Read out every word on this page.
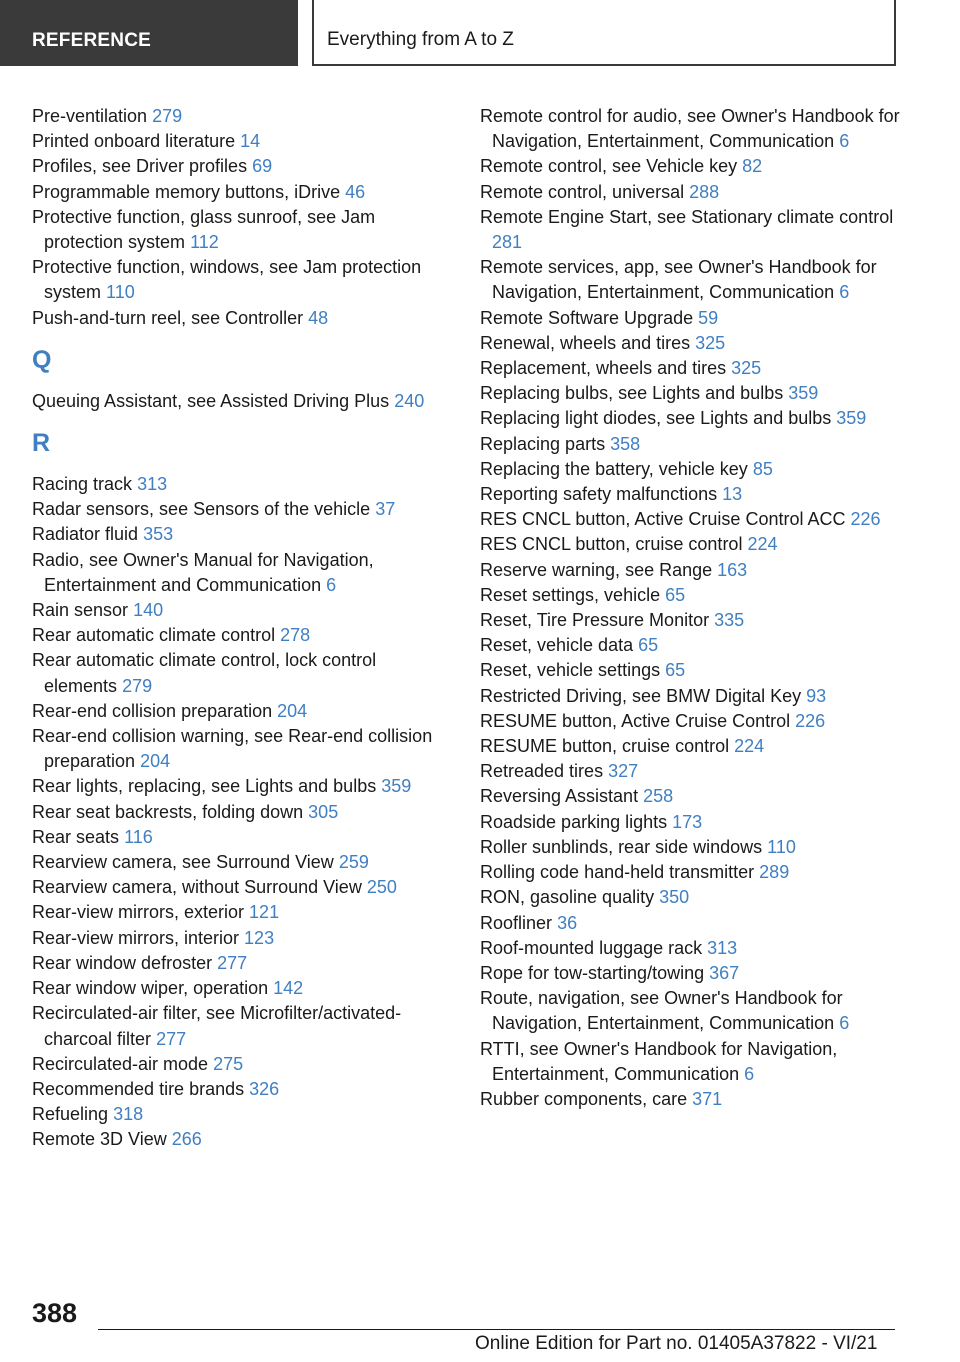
REFERENCE	Everything from A to Z
Pre-ventilation 279
Printed onboard literature 14
Profiles, see Driver profiles 69
Programmable memory buttons, iDrive 46
Protective function, glass sunroof, see Jam protection system 112
Protective function, windows, see Jam protection system 110
Push-and-turn reel, see Controller 48
Q
Queuing Assistant, see Assisted Driving Plus 240
R
Racing track 313
Radar sensors, see Sensors of the vehicle 37
Radiator fluid 353
Radio, see Owner's Manual for Navigation, Entertainment and Communication 6
Rain sensor 140
Rear automatic climate control 278
Rear automatic climate control, lock control elements 279
Rear-end collision preparation 204
Rear-end collision warning, see Rear-end collision preparation 204
Rear lights, replacing, see Lights and bulbs 359
Rear seat backrests, folding down 305
Rear seats 116
Rearview camera, see Surround View 259
Rearview camera, without Surround View 250
Rear-view mirrors, exterior 121
Rear-view mirrors, interior 123
Rear window defroster 277
Rear window wiper, operation 142
Recirculated-air filter, see Microfilter/activated-charcoal filter 277
Recirculated-air mode 275
Recommended tire brands 326
Refueling 318
Remote 3D View 266
Remote control for audio, see Owner's Handbook for Navigation, Entertainment, Communication 6
Remote control, see Vehicle key 82
Remote control, universal 288
Remote Engine Start, see Stationary climate control 281
Remote services, app, see Owner's Handbook for Navigation, Entertainment, Communication 6
Remote Software Upgrade 59
Renewal, wheels and tires 325
Replacement, wheels and tires 325
Replacing bulbs, see Lights and bulbs 359
Replacing light diodes, see Lights and bulbs 359
Replacing parts 358
Replacing the battery, vehicle key 85
Reporting safety malfunctions 13
RES CNCL button, Active Cruise Control ACC 226
RES CNCL button, cruise control 224
Reserve warning, see Range 163
Reset settings, vehicle 65
Reset, Tire Pressure Monitor 335
Reset, vehicle data 65
Reset, vehicle settings 65
Restricted Driving, see BMW Digital Key 93
RESUME button, Active Cruise Control 226
RESUME button, cruise control 224
Retreaded tires 327
Reversing Assistant 258
Roadside parking lights 173
Roller sunblinds, rear side windows 110
Rolling code hand-held transmitter 289
RON, gasoline quality 350
Roofliner 36
Roof-mounted luggage rack 313
Rope for tow-starting/towing 367
Route, navigation, see Owner's Handbook for Navigation, Entertainment, Communication 6
RTTI, see Owner's Handbook for Navigation, Entertainment, Communication 6
Rubber components, care 371
388
Online Edition for Part no. 01405A37822 - VI/21
